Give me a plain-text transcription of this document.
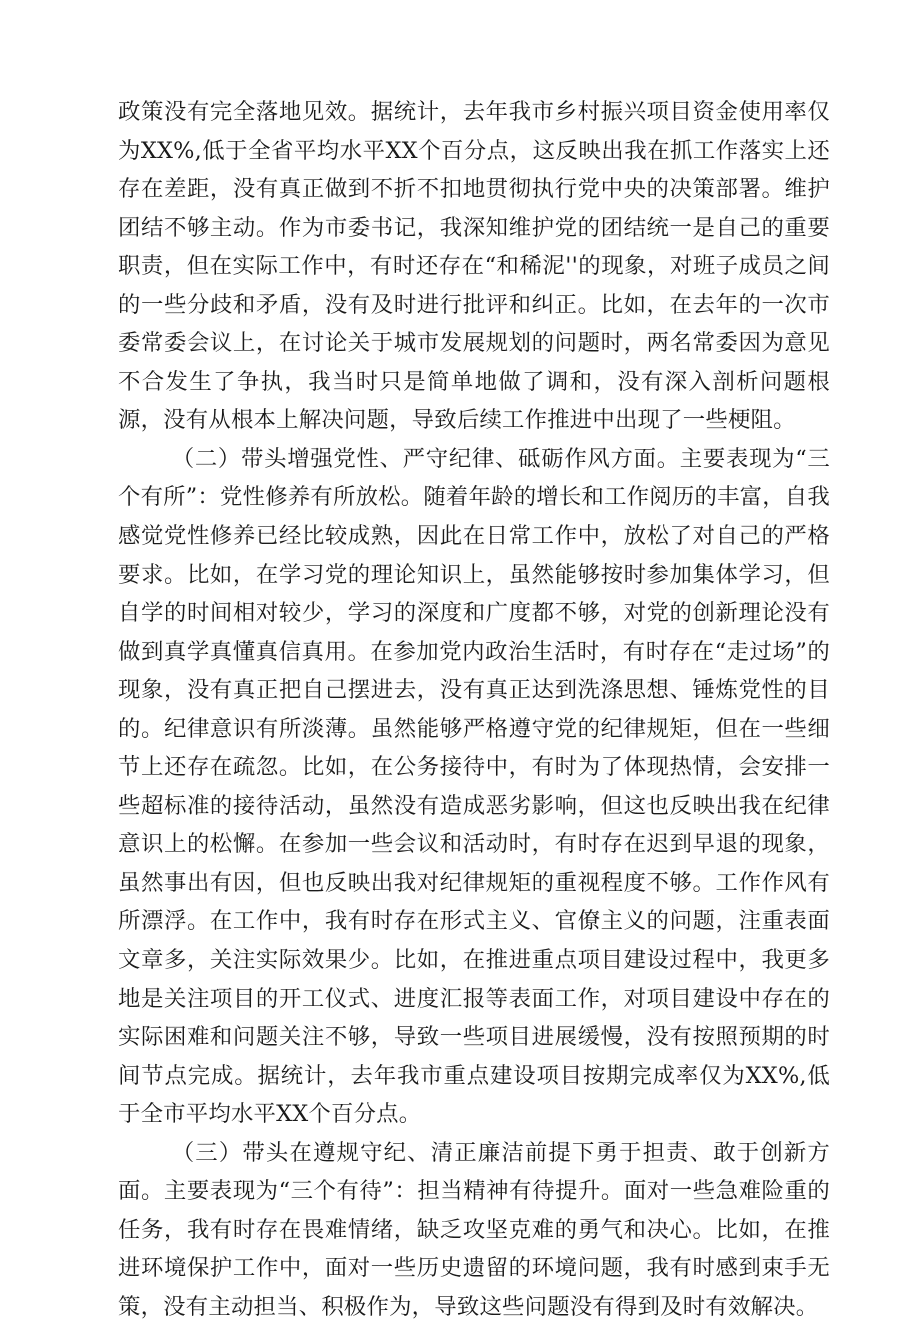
政策没有完全落地见效。据统计，去年我市乡村振兴项目资金使用率仅为XX%,低于全省平均水平XX个百分点，这反映出我在抓工作落实上还存在差距，没有真正做到不折不扣地贯彻执行党中央的决策部署。维护团结不够主动。作为市委书记，我深知维护党的团结统一是自己的重要职责，但在实际工作中，有时还存在“和稀泥''的现象，对班子成员之间的一些分歧和矛盾，没有及时进行批评和纠正。比如，在去年的一次市委常委会议上，在讨论关于城市发展规划的问题时，两名常委因为意见不合发生了争执，我当时只是简单地做了调和，没有深入剖析问题根源，没有从根本上解决问题，导致后续工作推进中出现了一些梗阻。

（二）带头增强党性、严守纪律、砥砺作风方面。主要表现为“三个有所”：党性修养有所放松。随着年龄的增长和工作阅历的丰富，自我感觉党性修养已经比较成熟，因此在日常工作中，放松了对自己的严格要求。比如，在学习党的理论知识上，虽然能够按时参加集体学习，但自学的时间相对较少，学习的深度和广度都不够，对党的创新理论没有做到真学真懂真信真用。在参加党内政治生活时，有时存在“走过场”的现象，没有真正把自己摆进去，没有真正达到洗涤思想、锤炼党性的目的。纪律意识有所淡薄。虽然能够严格遵守党的纪律规矩，但在一些细节上还存在疏忽。比如，在公务接待中，有时为了体现热情，会安排一些超标准的接待活动，虽然没有造成恶劣影响，但这也反映出我在纪律意识上的松懈。在参加一些会议和活动时，有时存在迟到早退的现象，虽然事出有因，但也反映出我对纪律规矩的重视程度不够。工作作风有所漂浮。在工作中，我有时存在形式主义、官僚主义的问题，注重表面文章多，关注实际效果少。比如，在推进重点项目建设过程中，我更多地是关注项目的开工仪式、进度汇报等表面工作，对项目建设中存在的实际困难和问题关注不够，导致一些项目进展缓慢，没有按照预期的时间节点完成。据统计，去年我市重点建设项目按期完成率仅为XX%,低于全市平均水平XX个百分点。

（三）带头在遵规守纪、清正廉洁前提下勇于担责、敢于创新方面。主要表现为“三个有待”：担当精神有待提升。面对一些急难险重的任务，我有时存在畏难情绪，缺乏攻坚克难的勇气和决心。比如，在推进环境保护工作中，面对一些历史遗留的环境问题，我有时感到束手无策，没有主动担当、积极作为，导致这些问题没有得到及时有效解决。
